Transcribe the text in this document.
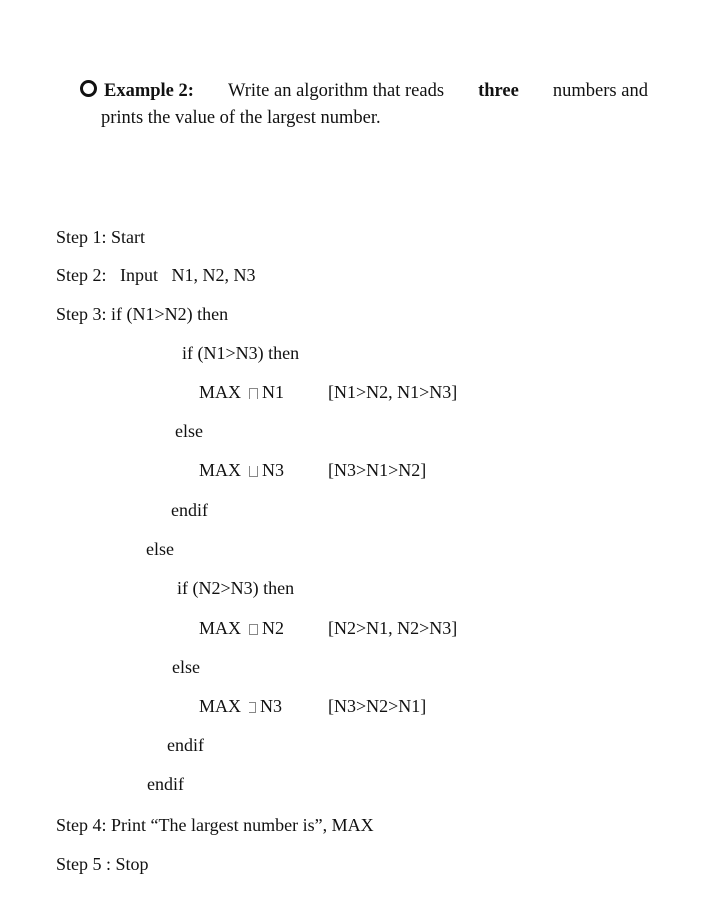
Example 2: Write an algorithm that reads three numbers and
prints the value of the largest number.
Step 1: Start
Step 2:   Input   N1, N2, N3
Step 3: if (N1>N2) then
if (N1>N3) then
MAX N1 [N1>N2, N1>N3]
else
MAX N3 [N3>N1>N2]
endif
else
if (N2>N3) then
MAX N2 [N2>N1, N2>N3]
else
MAX N3	[N3>N2>N1]
endif
endif
Step 4: Print “The largest number is”, MAX
Step 5 : Stop
